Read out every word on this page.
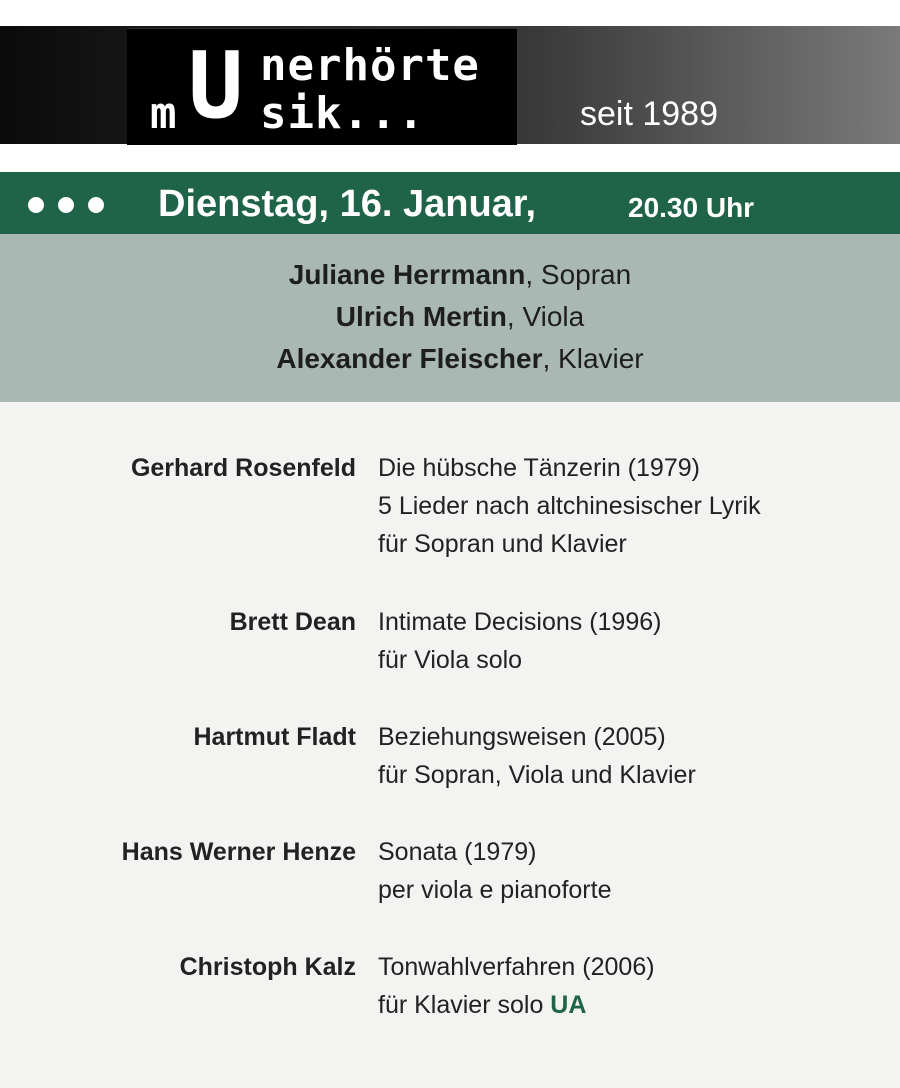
U nerhörte
m sik...	seit 1989
Dienstag, 16. Januar,	20.30 Uhr
Juliane Herrmann, Sopran
Ulrich Mertin, Viola
Alexander Fleischer, Klavier
Gerhard Rosenfeld Die hübsche Tänzerin (1979)
5 Lieder nach altchinesischer Lyrik
für Sopran und Klavier
Brett Dean Intimate Decisions (1996)
für Viola solo
Hartmut Fladt Beziehungsweisen (2005)
für Sopran, Viola und Klavier
Hans Werner Henze Sonata (1979)
per viola e pianoforte
Christoph Kalz Tonwahlverfahren (2006)
für Klavier solo UA
